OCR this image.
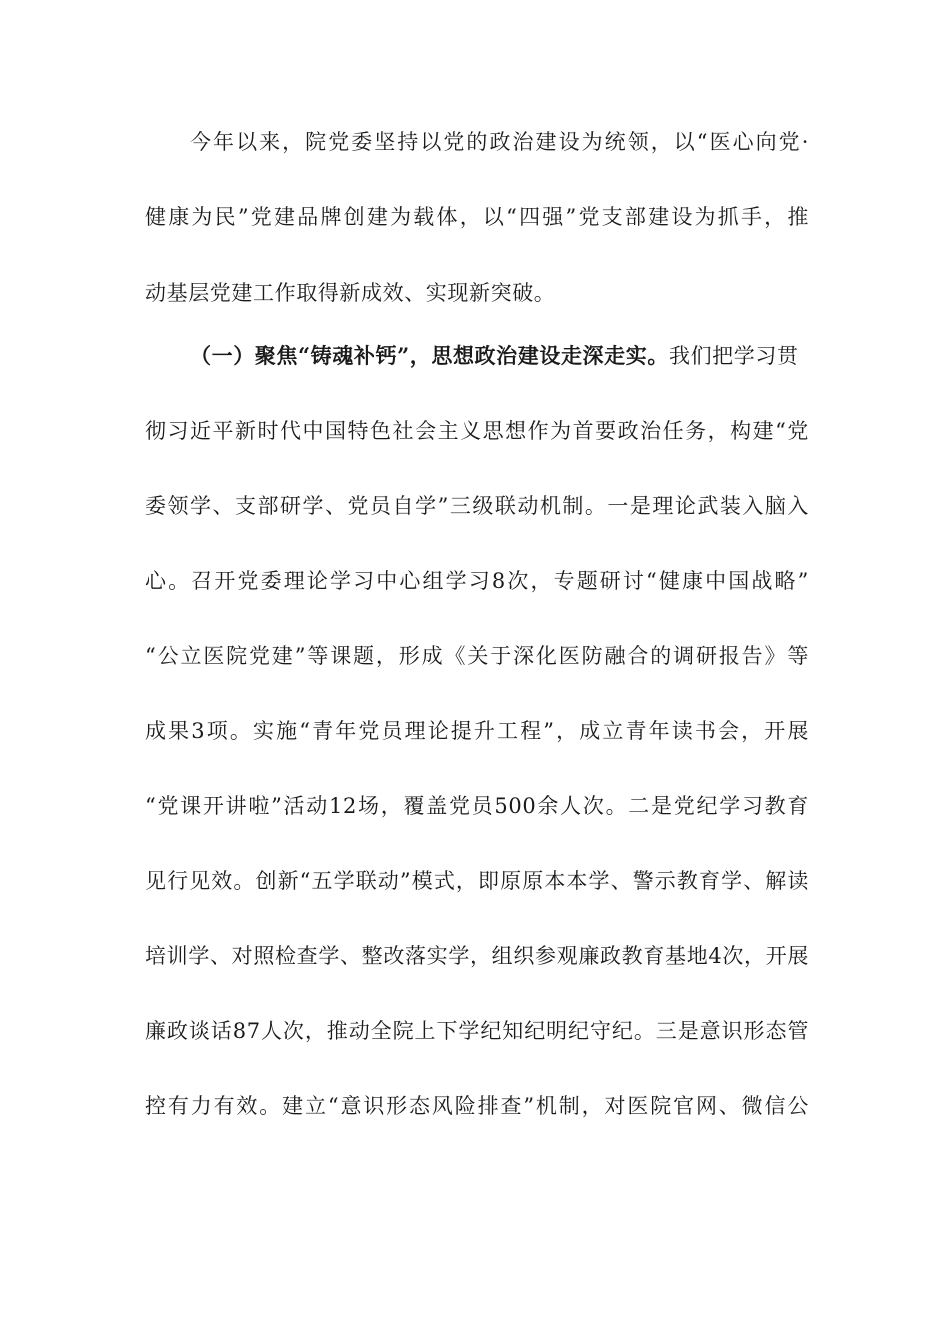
今年以来，院党委坚持以党的政治建设为统领，以“医心向党·
健康为民”党建品牌创建为载体，以“四强”党支部建设为抓手，推
动基层党建工作取得新成效、实现新突破。
（一）聚焦“铸魂补钙”，思想政治建设走深走实。我们把学习贯
彻习近平新时代中国特色社会主义思想作为首要政治任务，构建“党
委领学、支部研学、党员自学”三级联动机制。一是理论武装入脑入
心。召开党委理论学习中心组学习8次，专题研讨“健康中国战略”
“公立医院党建”等课题，形成《关于深化医防融合的调研报告》等
成果3项。实施“青年党员理论提升工程”，成立青年读书会，开展
“党课开讲啦”活动12场，覆盖党员500余人次。二是党纪学习教育
见行见效。创新“五学联动”模式，即原原本本学、警示教育学、解读
培训学、对照检查学、整改落实学，组织参观廉政教育基地4次，开展
廉政谈话87人次，推动全院上下学纪知纪明纪守纪。三是意识形态管
控有力有效。建立“意识形态风险排查”机制，对医院官网、微信公
